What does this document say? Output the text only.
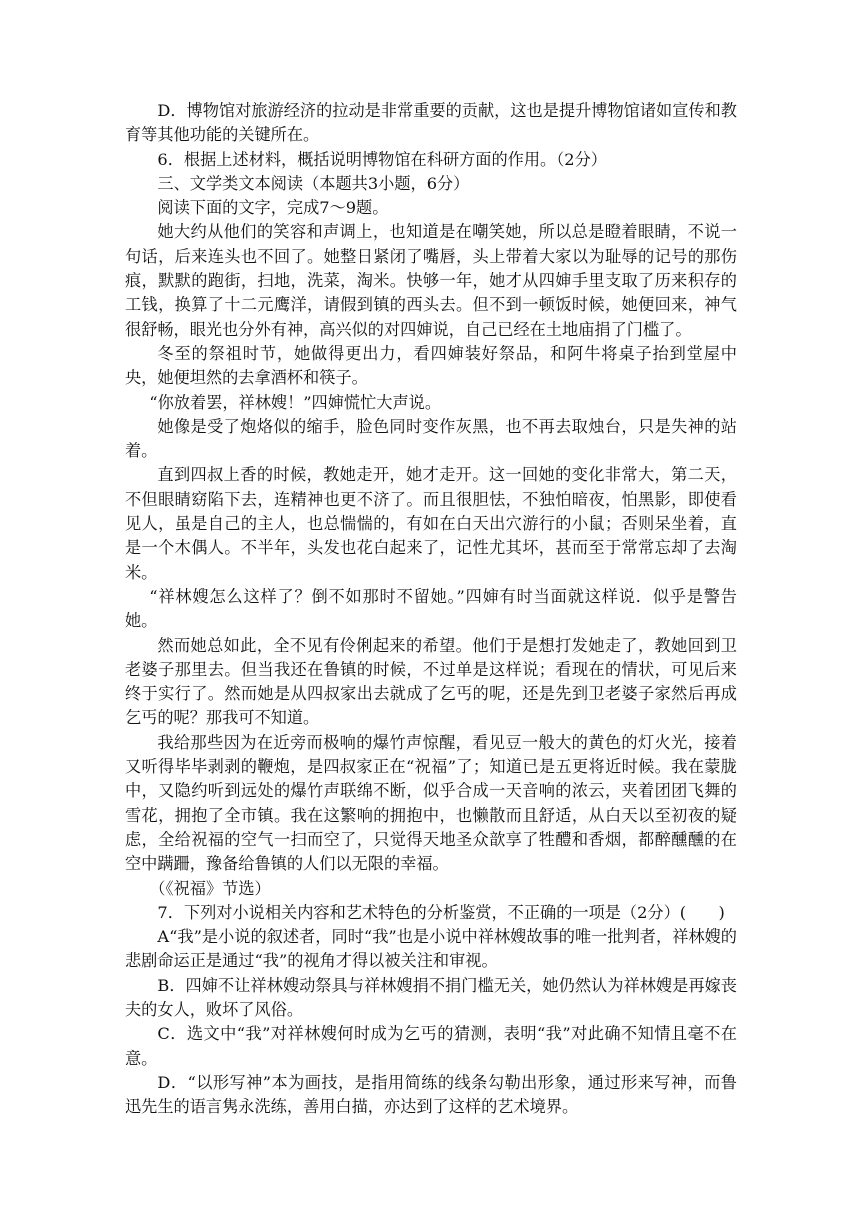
D．博物馆对旅游经济的拉动是非常重要的贡献，这也是提升博物馆诸如宣传和教育等其他功能的关键所在。

6．根据上述材料，概括说明博物馆在科研方面的作用。（2分）

三、文学类文本阅读（本题共3小题，6分）

阅读下面的文字，完成7～9题。

她大约从他们的笑容和声调上，也知道是在嘲笑她，所以总是瞪着眼睛，不说一句话，后来连头也不回了。她整日紧闭了嘴唇，头上带着大家以为耻辱的记号的那伤痕，默默的跑街，扫地，洗菜，淘米。快够一年，她才从四婶手里支取了历来积存的工钱，换算了十二元鹰洋，请假到镇的西头去。但不到一顿饭时候，她便回来，神气很舒畅，眼光也分外有神，高兴似的对四婶说，自己已经在土地庙捐了门槛了。

冬至的祭祖时节，她做得更出力，看四婶装好祭品，和阿牛将桌子抬到堂屋中央，她便坦然的去拿酒杯和筷子。

“你放着罢，祥林嫂！”四婶慌忙大声说。

她像是受了炮烙似的缩手，脸色同时变作灰黑，也不再去取烛台，只是失神的站着。

直到四叔上香的时候，教她走开，她才走开。这一回她的变化非常大，第二天，不但眼睛窈陷下去，连精神也更不济了。而且很胆怯，不独怕暗夜，怕黑影，即使看见人，虽是自己的主人，也总惴惴的，有如在白天出穴游行的小鼠；否则呆坐着，直是一个木偶人。不半年，头发也花白起来了，记性尤其坏，甚而至于常常忘却了去淘米。

“祥林嫂怎么这样了？倒不如那时不留她。”四婶有时当面就这样说．似乎是警告她。

然而她总如此，全不见有伶俐起来的希望。他们于是想打发她走了，教她回到卫老婆子那里去。但当我还在鲁镇的时候，不过单是这样说；看现在的情状，可见后来终于实行了。然而她是从四叔家出去就成了乞丐的呢，还是先到卫老婆子家然后再成乞丐的呢？那我可不知道。

我给那些因为在近旁而极响的爆竹声惊醒，看见豆一般大的黄色的灯火光，接着又听得毕毕剥剥的鞭炮，是四叔家正在“祝福”了；知道已是五更将近时候。我在蒙胧中，又隐约听到远处的爆竹声联绵不断，似乎合成一天音响的浓云，夹着团团飞舞的雪花，拥抱了全市镇。我在这繁响的拥抱中，也懒散而且舒适，从白天以至初夜的疑虑，全给祝福的空气一扫而空了，只觉得天地圣众歆享了牲醴和香烟，都醉醺醺的在空中蹒跚，豫备给鲁镇的人们以无限的幸福。

（《祝福》节选）

7．下列对小说相关内容和艺术特色的分析鉴赏，不正确的一项是（2分）(　　)

A“我”是小说的叙述者，同时“我”也是小说中祥林嫂故事的唯一批判者，祥林嫂的悲剧命运正是通过“我”的视角才得以被关注和审视。

B．四婶不让祥林嫂动祭具与祥林嫂捐不捐门槛无关，她仍然认为祥林嫂是再嫁丧夫的女人，败坏了风俗。

C．选文中“我”对祥林嫂何时成为乞丐的猜测，表明“我”对此确不知情且毫不在意。

D．“以形写神”本为画技，是指用简练的线条勾勒出形象，通过形来写神，而鲁迅先生的语言隽永洗练，善用白描，亦达到了这样的艺术境界。
